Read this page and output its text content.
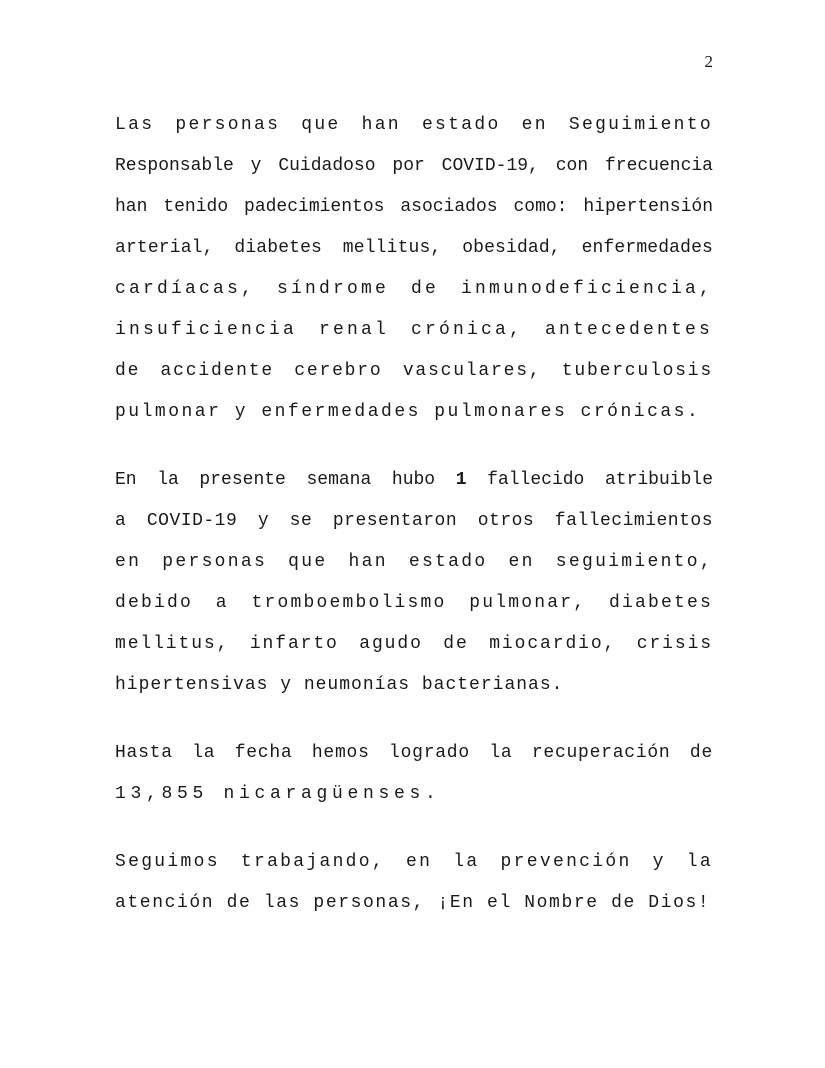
2
Las personas que han estado en Seguimiento
Responsable y Cuidadoso por COVID-19, con frecuencia
han tenido padecimientos asociados como: hipertensión
arterial, diabetes mellitus, obesidad, enfermedades
cardíacas, síndrome de inmunodeficiencia,
insuficiencia renal crónica, antecedentes
de accidente cerebro vasculares, tuberculosis
pulmonar y enfermedades pulmonares crónicas.
En la presente semana hubo 1 fallecido atribuible
a COVID-19 y se presentaron otros fallecimientos
en personas que han estado en seguimiento,
debido a tromboembolismo pulmonar, diabetes
mellitus, infarto agudo de miocardio, crisis
hipertensivas y neumonías bacterianas.
Hasta la fecha hemos logrado la recuperación de
13,855 nicaragüenses.
Seguimos trabajando, en la prevención y la
atención de las personas, ¡En el Nombre de Dios!
